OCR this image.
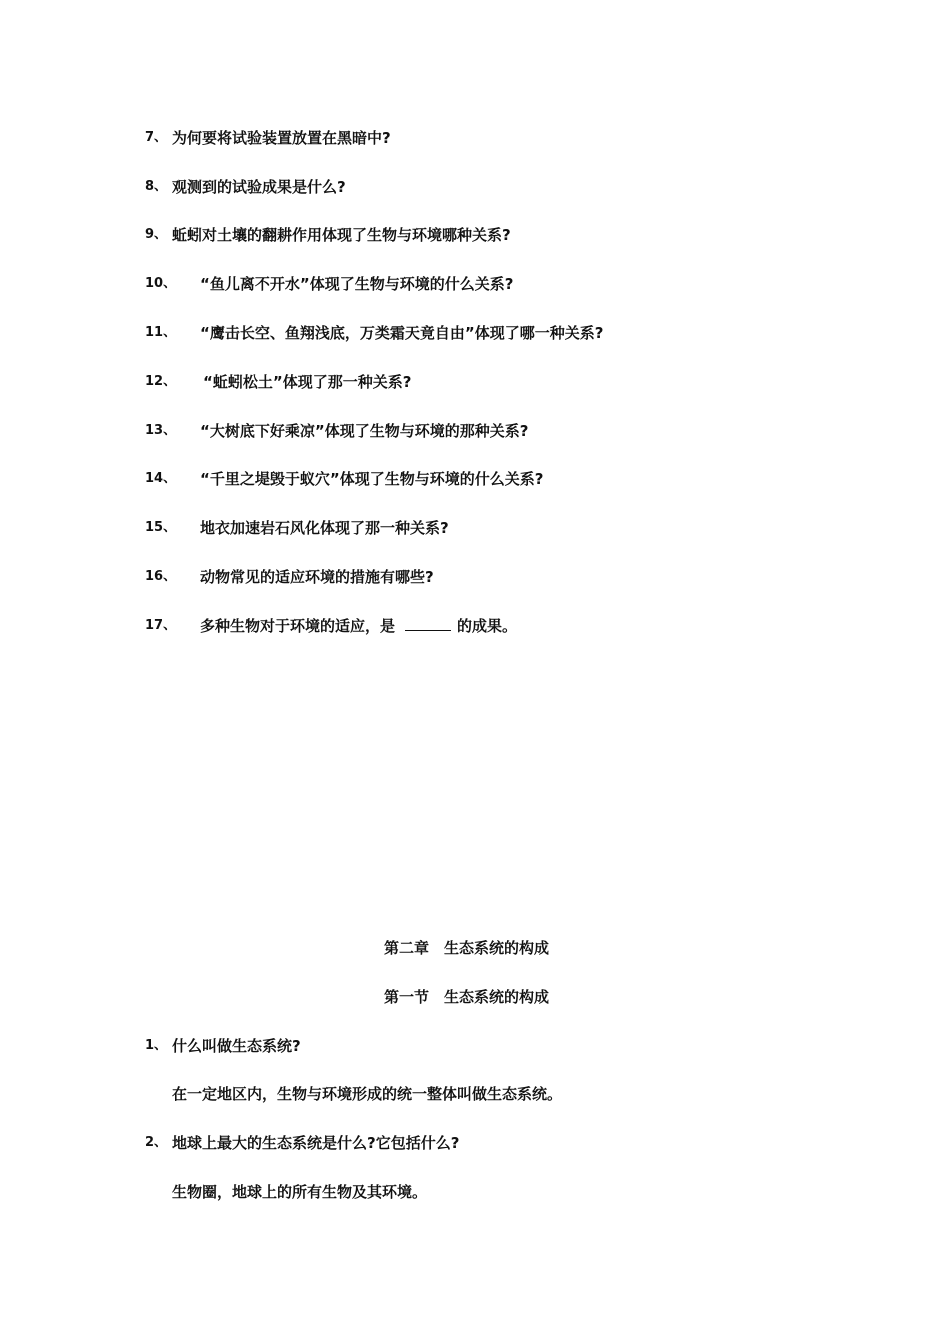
7、 为何要将试验装置放置在黑暗中?
8、 观测到的试验成果是什么?
9、 蚯蚓对土壤的翻耕作用体现了生物与环境哪种关系?
10、 “鱼儿离不开水”体现了生物与环境的什么关系?
11、 “鹰击长空、鱼翔浅底，万类霜天竟自由”体现了哪一种关系?
12、 “蚯蚓松土”体现了那一种关系?
13、 “大树底下好乘凉”体现了生物与环境的那种关系?
14、 “千里之堤毁于蚁穴”体现了生物与环境的什么关系?
15、 地衣加速岩石风化体现了那一种关系?
16、 动物常见的适应环境的措施有哪些?
17、 多种生物对于环境的适应，是	的成果。
第二章　生态系统的构成
第一节　生态系统的构成
1、 什么叫做生态系统?
在一定地区内，生物与环境形成的统一整体叫做生态系统。
2、 地球上最大的生态系统是什么?它包括什么?
生物圈，地球上的所有生物及其环境。
